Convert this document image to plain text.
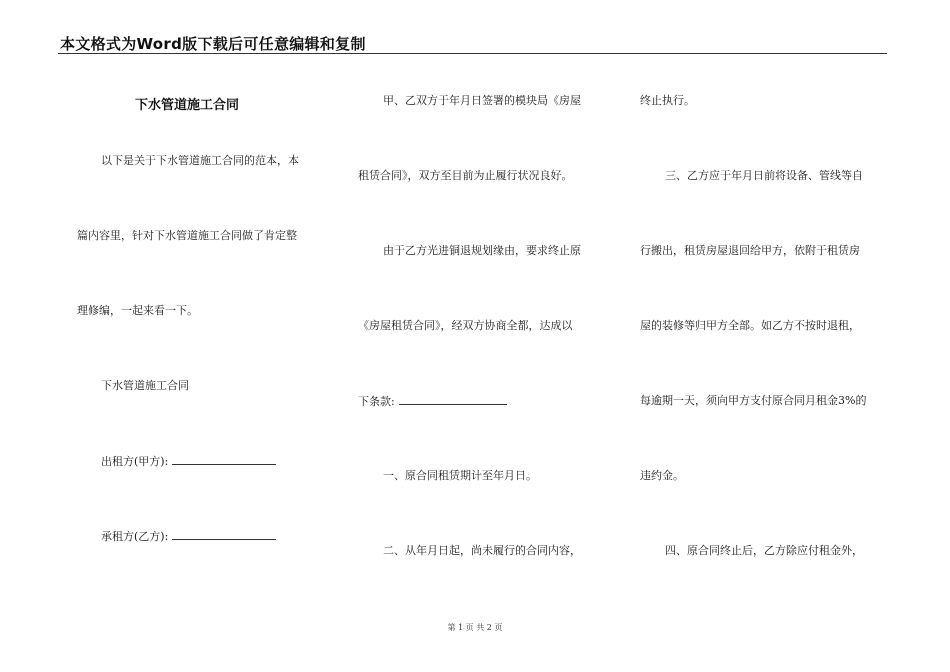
本文格式为Word版下载后可任意编辑和复制
下水管道施工合同
以下是关于下水管道施工合同的范本，本
篇内容里，针对下水管道施工合同做了肯定整
理修编，一起来看一下。
下水管道施工合同
出租方(甲方):
承租方(乙方):
甲、乙双方于年月日签署的模块局《房屋
租赁合同》，双方至目前为止履行状况良好。
由于乙方光进铜退规划缘由，要求终止原
《房屋租赁合同》，经双方协商全都，达成以
下条款:
一、原合同租赁期计至年月日。
二、从年月日起，尚未履行的合同内容，
终止执行。
三、乙方应于年月日前将设备、管线等自
行搬出，租赁房屋退回给甲方，依附于租赁房
屋的装修等归甲方全部。如乙方不按时退租，
每逾期一天，须向甲方支付原合同月租金3%的
违约金。
四、原合同终止后，乙方除应付租金外，
第 1 页 共 2 页
